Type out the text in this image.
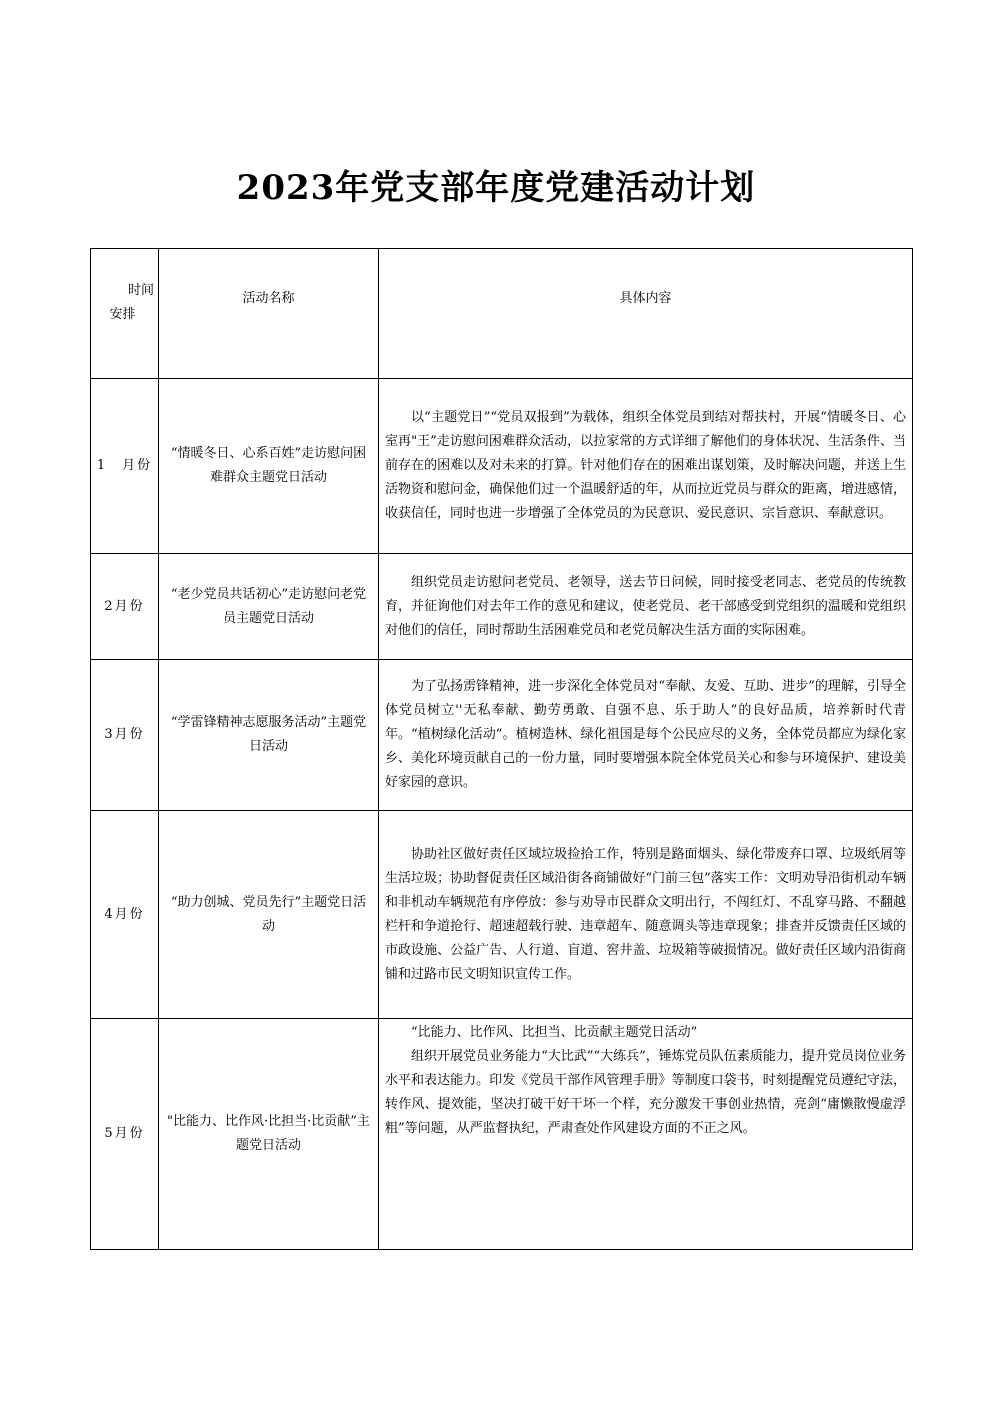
2023年党支部年度党建活动计划
时间
安排	活动名称	具体内容
1　月份	“情暖冬日、心系百姓”走访慰问困难群众主题党日活动	以“主题党日”“党员双报到”为载体，组织全体党员到结对帮扶村，开展“情暖冬日、心室再"王”走访慰问困难群众活动，以拉家常的方式详细了解他们的身体状况、生活条件、当前存在的困难以及对未来的打算。针对他们存在的困难出谋划策，及时解决问题，并送上生活物资和慰问金，确保他们过一个温暖舒适的年，从而拉近党员与群众的距离，增进感情，收获信任，同时也进一步增强了全体党员的为民意识、爱民意识、宗旨意识、奉献意识。

2月份	“老少党员共话初心”走访慰问老党员主题党日活动	组织党员走访慰问老党员、老领导，送去节日问候，同时接受老同志、老党员的传统教育，并征询他们对去年工作的意见和建议，使老党员、老干部感受到党组织的温暖和党组织对他们的信任，同时帮助生活困难党员和老党员解决生活方面的实际困难。

3月份	“学雷锋精神志愿服务活动”主题党日活动	为了弘扬雳锋精神，进一步深化全体党员对“奉献、友爱、互助、进步”的理解，引导全体党员树立''无私奉献、勤劳勇敢、自强不息、乐于助人”的良好品质，培养新时代青年。“植树绿化活动”。植树造林、绿化祖国是每个公民应尽的义务，全体党员都应为绿化家乡、美化环境贡献自己的一份力量，同时要增强本院全体党员关心和参与环境保护、建设美好家园的意识。

4月份	“助力创城、党员先行”主题党日活动	协助社区做好责任区域垃圾捡拾工作，特别是路面烟头、绿化带废弃口罩、垃圾纸屑等生活垃圾；协助督促责任区域沿街各商铺做好“门前三包”落实工作：文明劝导沿街机动车辆和非机动车辆规范有序停放：参与劝导市民群众文明出行，不闯红灯、不乱穿马路、不翻越栏杆和争道抢行、超速超载行驶、违章超车、随意调头等违章现象；排查并反馈责任区域的市政设施、公益广告、人行道、盲道、窖井盖、垃圾箱等破损情况。做好责任区域内沿街商铺和过路市民文明知识宣传工作。

5月份	"比能力、比作风·比担当·比贡献”主题党日活动	“比能力、比作风、比担当、比贡献主题党日活动”

组织开展党员业务能力“大比武”“大练兵”，锤炼党员队伍素质能力，提升党员岗位业务水平和表达能力。印发《党员干部作风管理手册》等制度口袋书，时刻提醒党员遵纪守法，转作风、提效能，坚决打破干好干坏一个样，充分激发干事创业热情，亮剑“庸懒散慢虚浮粗”等问题，从严监督执纪，严肃查处作风建设方面的不正之风。
